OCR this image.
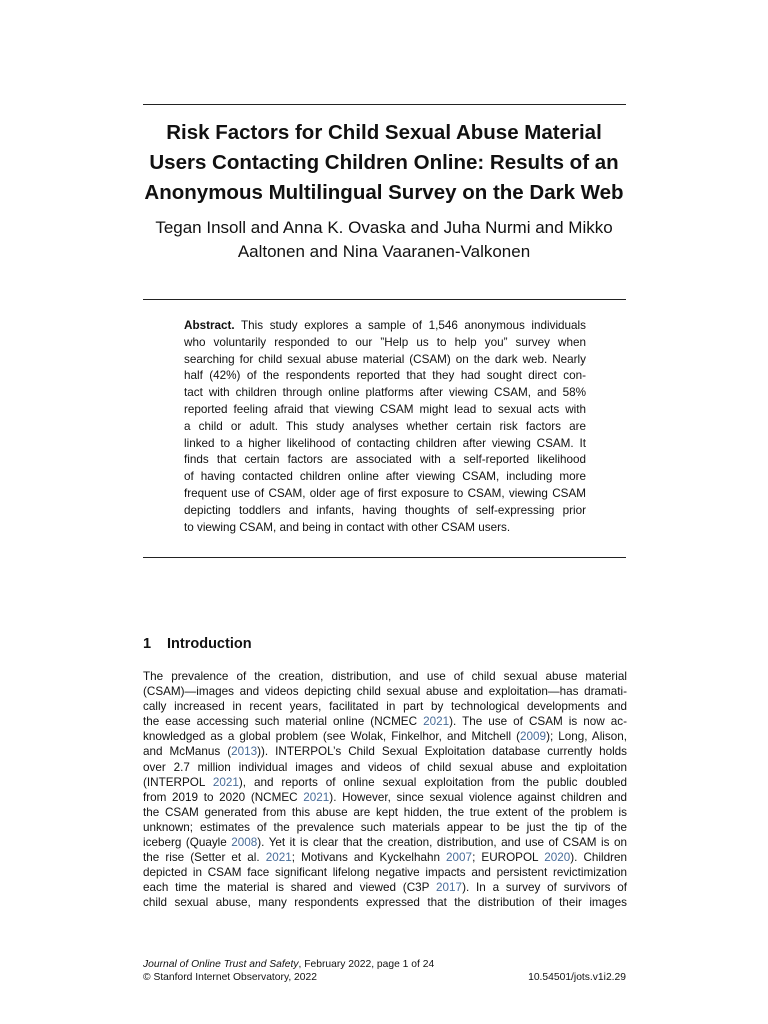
Risk Factors for Child Sexual Abuse Material
Users Contacting Children Online: Results of an
Anonymous Multilingual Survey on the Dark Web
Tegan Insoll and Anna K. Ovaska and Juha Nurmi and Mikko
Aaltonen and Nina Vaaranen-Valkonen
Abstract. This study explores a sample of 1,546 anonymous individuals
who voluntarily responded to our ”Help us to help you” survey when
searching for child sexual abuse material (CSAM) on the dark web. Nearly
half (42%) of the respondents reported that they had sought direct con-
tact with children through online platforms after viewing CSAM, and 58%
reported feeling afraid that viewing CSAM might lead to sexual acts with
a child or adult. This study analyses whether certain risk factors are
linked to a higher likelihood of contacting children after viewing CSAM. It
finds that certain factors are associated with a self-reported likelihood
of having contacted children online after viewing CSAM, including more
frequent use of CSAM, older age of first exposure to CSAM, viewing CSAM
depicting toddlers and infants, having thoughts of self-expressing prior
to viewing CSAM, and being in contact with other CSAM users.
1 Introduction
The prevalence of the creation, distribution, and use of child sexual abuse material
(CSAM)—images and videos depicting child sexual abuse and exploitation—has dramati-
cally increased in recent years, facilitated in part by technological developments and
the ease accessing such material online (NCMEC 2021). The use of CSAM is now ac-
knowledged as a global problem (see Wolak, Finkelhor, and Mitchell (2009); Long, Alison,
and McManus (2013)). INTERPOL’s Child Sexual Exploitation database currently holds
over 2.7 million individual images and videos of child sexual abuse and exploitation
(INTERPOL 2021), and reports of online sexual exploitation from the public doubled
from 2019 to 2020 (NCMEC 2021). However, since sexual violence against children and
the CSAM generated from this abuse are kept hidden, the true extent of the problem is
unknown; estimates of the prevalence such materials appear to be just the tip of the
iceberg (Quayle 2008). Yet it is clear that the creation, distribution, and use of CSAM is on
the rise (Setter et al. 2021; Motivans and Kyckelhahn 2007; EUROPOL 2020). Children
depicted in CSAM face significant lifelong negative impacts and persistent revictimization
each time the material is shared and viewed (C3P 2017). In a survey of survivors of
child sexual abuse, many respondents expressed that the distribution of their images
Journal of Online Trust and Safety, February 2022, page 1 of 24
© Stanford Internet Observatory, 2022	10.54501/jots.v1i2.29
